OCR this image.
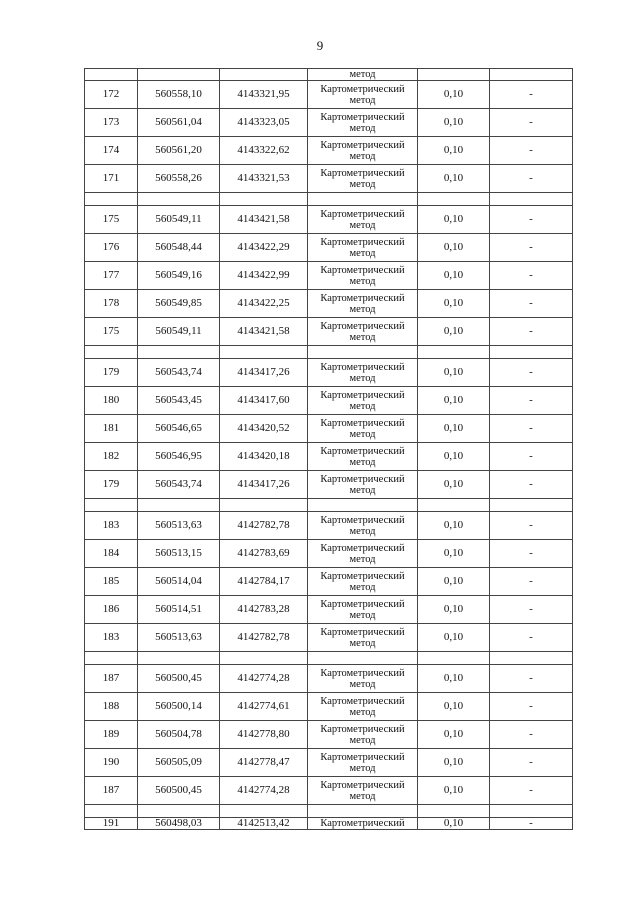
9
			метод		
172	560558,10	4143321,95	Картометрический метод	0,10	-
173	560561,04	4143323,05	Картометрический метод	0,10	-
174	560561,20	4143322,62	Картометрический метод	0,10	-
171	560558,26	4143321,53	Картометрический метод	0,10	-

175	560549,11	4143421,58	Картометрический метод	0,10	-
176	560548,44	4143422,29	Картометрический метод	0,10	-
177	560549,16	4143422,99	Картометрический метод	0,10	-
178	560549,85	4143422,25	Картометрический метод	0,10	-
175	560549,11	4143421,58	Картометрический метод	0,10	-

179	560543,74	4143417,26	Картометрический метод	0,10	-
180	560543,45	4143417,60	Картометрический метод	0,10	-
181	560546,65	4143420,52	Картометрический метод	0,10	-
182	560546,95	4143420,18	Картометрический метод	0,10	-
179	560543,74	4143417,26	Картометрический метод	0,10	-

183	560513,63	4142782,78	Картометрический метод	0,10	-
184	560513,15	4142783,69	Картометрический метод	0,10	-
185	560514,04	4142784,17	Картометрический метод	0,10	-
186	560514,51	4142783,28	Картометрический метод	0,10	-
183	560513,63	4142782,78	Картометрический метод	0,10	-

187	560500,45	4142774,28	Картометрический метод	0,10	-
188	560500,14	4142774,61	Картометрический метод	0,10	-
189	560504,78	4142778,80	Картометрический метод	0,10	-
190	560505,09	4142778,47	Картометрический метод	0,10	-
187	560500,45	4142774,28	Картометрический метод	0,10	-

191	560498,03	4142513,42	Картометрический	0,10	-
